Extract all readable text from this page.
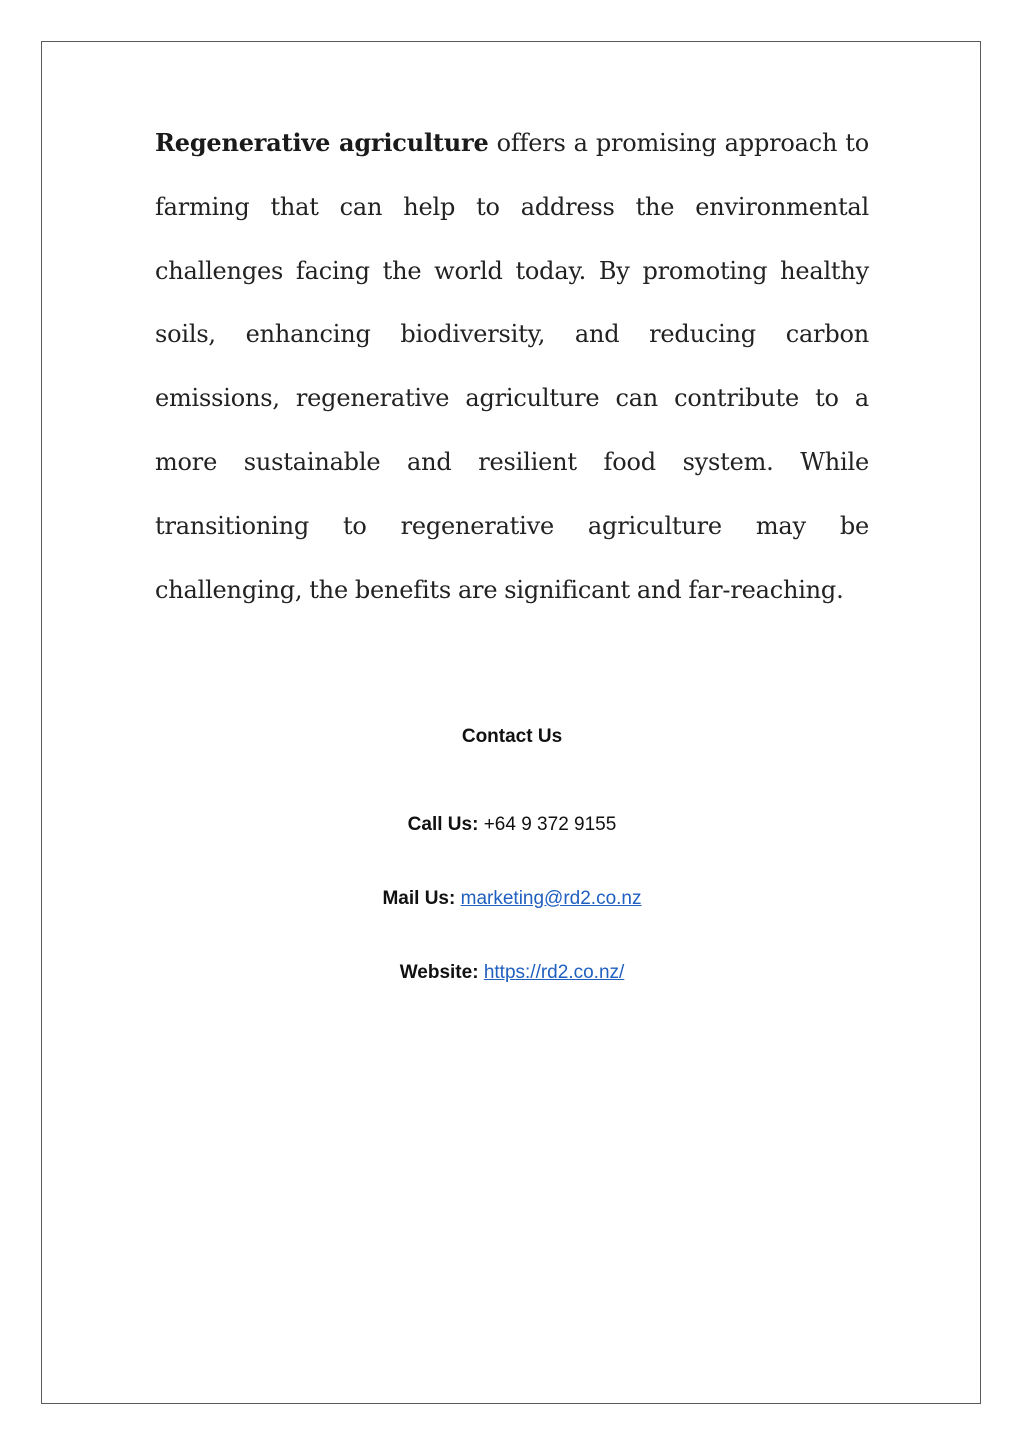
Regenerative agriculture offers a promising approach to farming that can help to address the environmental challenges facing the world today. By promoting healthy soils, enhancing biodiversity, and reducing carbon emissions, regenerative agriculture can contribute to a more sustainable and resilient food system. While transitioning to regenerative agriculture may be challenging, the benefits are significant and far-reaching.

Contact Us
Call Us: +64 9 372 9155
Mail Us: marketing@rd2.co.nz
Website: https://rd2.co.nz/
